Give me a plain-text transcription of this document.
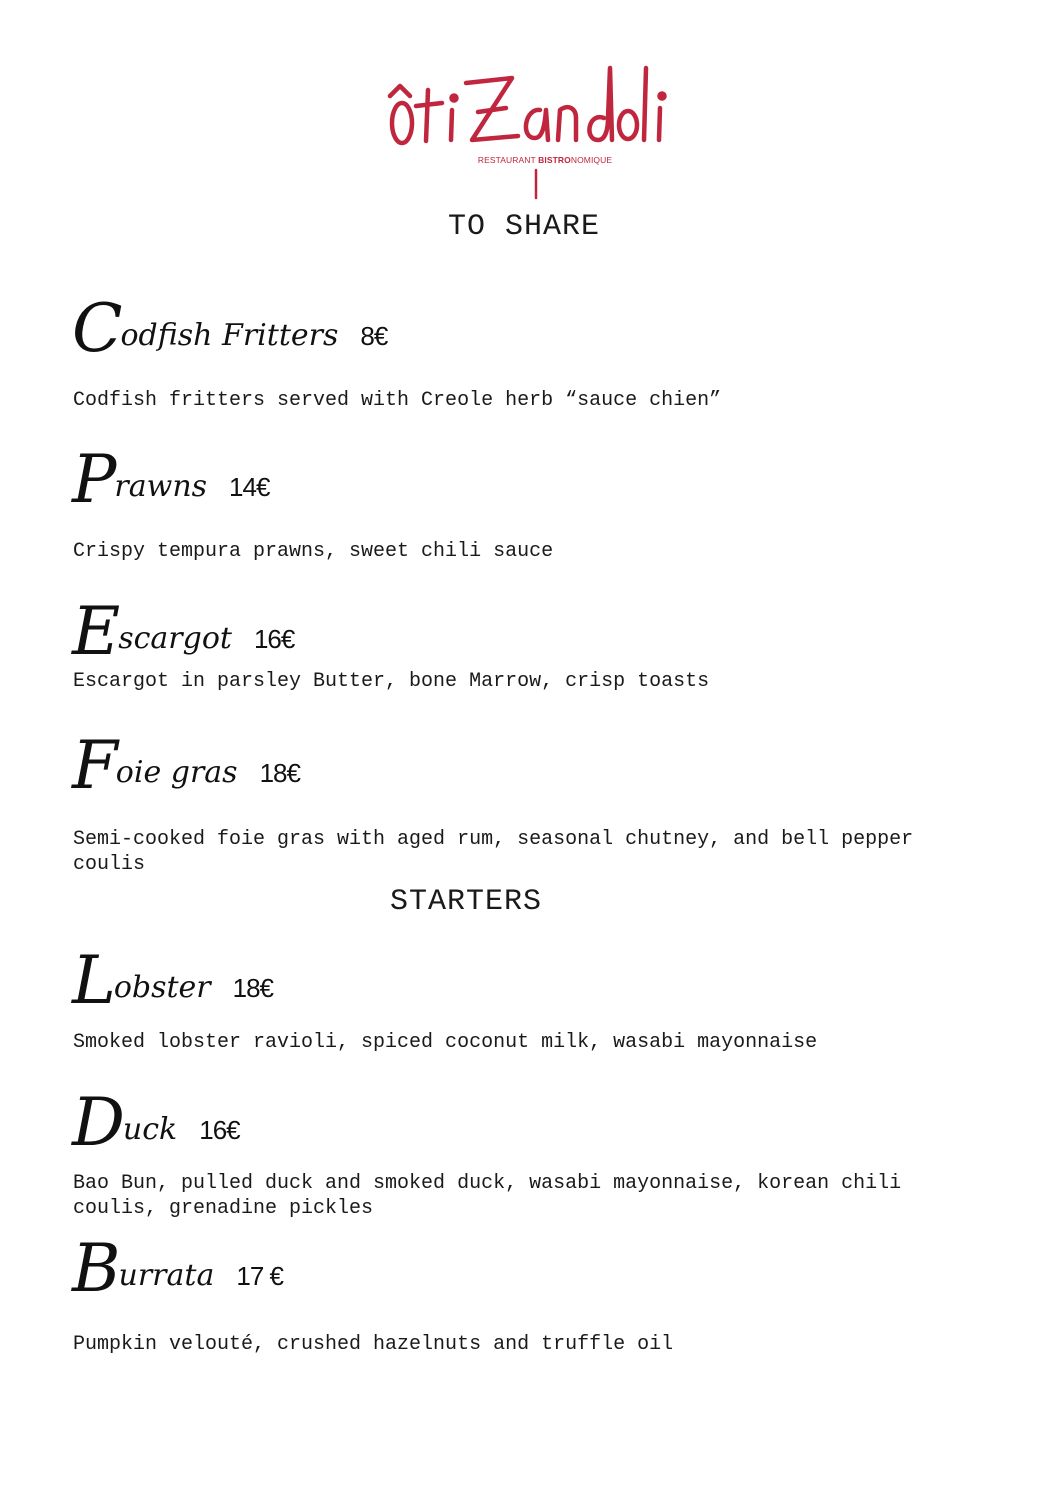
RESTAURANT BISTRONOMIQUE
TO SHARE
Codfish Fritters 8€

Codfish fritters served with Creole herb “sauce chien”

Prawns 14€

Crispy tempura prawns, sweet chili sauce

Escargot 16€

Escargot in parsley Butter, bone Marrow, crisp toasts

Foie gras 18€

Semi-cooked foie gras with aged rum, seasonal chutney, and bell pepper coulis

STARTERS
Lobster 18€

Smoked lobster ravioli, spiced coconut milk, wasabi mayonnaise

Duck 16€

Bao Bun, pulled duck and smoked duck, wasabi mayonnaise, korean chili coulis, grenadine pickles

Burrata 17 €

Pumpkin velouté, crushed hazelnuts and truffle oil
